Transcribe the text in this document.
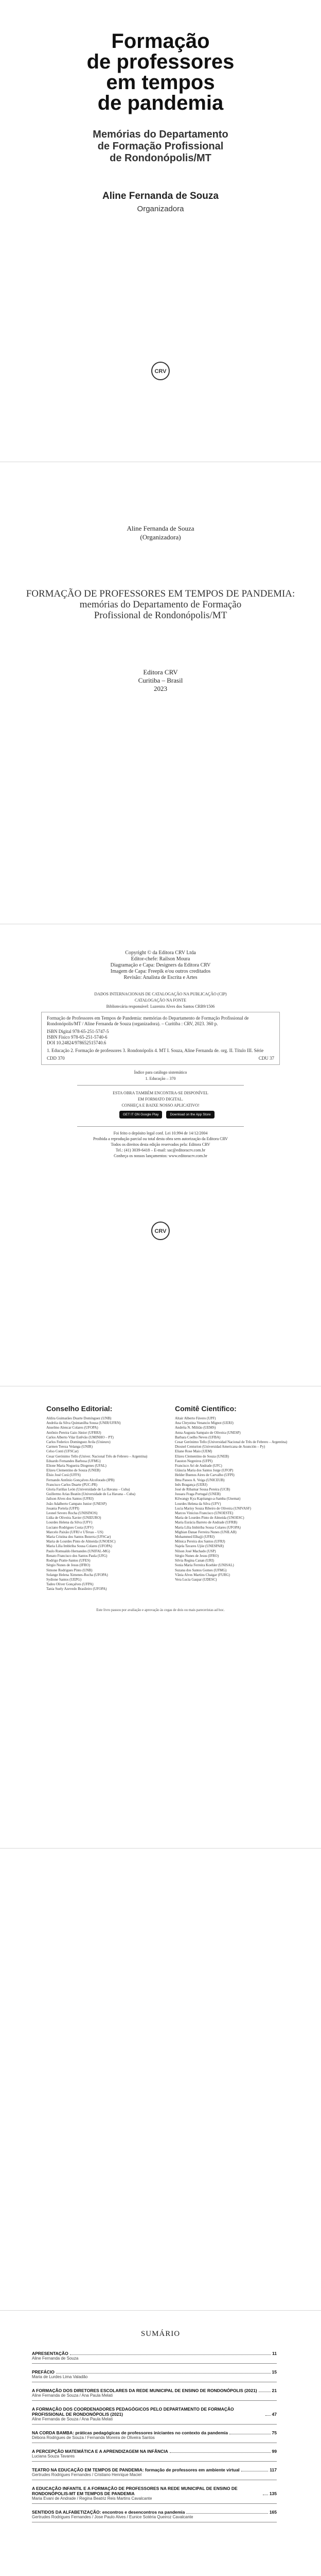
Formação
de professores
em tempos
de pandemia
Memórias do Departamento
de Formação Profissional
de Rondonópolis/MT
Aline Fernanda de Souza
Organizadora
CRV
Aline Fernanda de Souza
(Organizadora)
FORMAÇÃO DE PROFESSORES EM TEMPOS DE PANDEMIA:
memórias do Departamento de Formação Profissional de Rondonópolis/MT
Editora CRV
Curitiba – Brasil
2023
Copyright © da Editora CRV Ltda
Editor-chefe: Railson Moura
Diagramação e Capa: Designers da Editora CRV
Imagem de Capa: Freepik e/ou outros creditados
Revisão: Analista de Escrita e Artes
DADOS INTERNACIONAIS DE CATALOGAÇÃO NA PUBLICAÇÃO (CIP)
CATALOGAÇÃO NA FONTE
Bibliotecária responsável: Luzenira Alves dos Santos CRB9/1506
Formação de Professores em Tempos de Pandemia: memórias do Departamento de Formação Profissional de Rondonópolis/MT / Aline Fernanda de Souza (organizadora). – Curitiba : CRV, 2023. 360 p.
ISBN Digital 978-65-251-5747-5
ISBN Físico 978-65-251-5740-6
DOI 10.24824/978652515740.6
1. Educação 2. Formação de professores 3. Rondonópolis 4. MT I. Souza, Aline Fernanda de. org. II. Título III. Série
CDD 370	CDU 37
Índice para catálogo sistemático
1. Educação – 370
ESTA OBRA TAMBÉM ENCONTRA-SE DISPONÍVEL
EM FORMATO DIGITAL.
CONHEÇA E BAIXE NOSSO APLICATIVO!
GET IT ON Google Play	Download on the App Store
Foi feito o depósito legal conf. Lei 10.994 de 14/12/2004
Proibida a reprodução parcial ou total desta obra sem autorização da Editora CRV
Todos os direitos desta edição reservados pela: Editora CRV
Tel.: (41) 3039-6418 – E-mail: sac@editoracrv.com.br
Conheça os nossos lançamentos: www.editoracrv.com.br
CRV
Conselho Editorial:
Aldira Guimarães Duarte Domínguez (UNB)
Andréia da Silva Quintanilha Sousa (UNIR/UFRN)
Anselmo Alencar Colares (UFOPA)
Antônio Pereira Gaio Júnior (UFRRJ)
Carlos Alberto Vilar Estêvão (UMINHO – PT)
Carlos Federico Dominguez Avila (Unieuro)
Carmen Tereza Velanga (UNIR)
Celso Conti (UFSCar)
Cesar Gerónimo Tello (Univer. Nacional Três de Febrero – Argentina)
Eduardo Fernandes Barbosa (UFMG)
Elione Maria Nogueira Diogenes (UFAL)
Elizeu Clementino de Souza (UNEB)
Élsio José Corá (UFFS)
Fernando Antônio Gonçalves Alcoforado (IPB)
Francisco Carlos Duarte (PUC-PR)
Gloria Fariñas León (Universidade de La Havana – Cuba)
Guillermo Arias Beatón (Universidade de La Havana – Cuba)
Jailson Alves dos Santos (UFRJ)
João Adalberto Campato Junior (UNESP)
Josania Portela (UFPI)
Leonel Severo Rocha (UNISINOS)
Lídia de Oliveira Xavier (UNIEURO)
Lourdes Helena da Silva (UFV)
Luciano Rodrigues Costa (UFV)
Marcelo Paixão (UFRJ e UTexas – US)
Maria Cristina dos Santos Bezerra (UFSCar)
Maria de Lourdes Pinto de Almeida (UNOESC)
Maria Lília Imbiriba Sousa Colares (UFOPA)
Paulo Romualdo Hernandes (UNIFAL-MG)
Renato Francisco dos Santos Paula (UFG)
Rodrigo Pratte-Santos (UFES)
Sérgio Nunes de Jesus (IFRO)
Simone Rodrigues Pinto (UNB)
Solange Helena Ximenes-Rocha (UFOPA)
Sydione Santos (UEPG)
Tadeu Oliver Gonçalves (UFPA)
Tania Suely Azevedo Brasileiro (UFOPA)
Comitê Científico:
Altair Alberto Fávero (UPF)
Ana Chrystina Venancio Mignot (UERJ)
Andréia N. Militão (UEMS)
Anna Augusta Sampaio de Oliveira (UNESP)
Barbara Coelho Neves (UFBA)
Cesar Gerónimo Tello (Universidad Nacional de Três de Febrero – Argentina)
Diosnel Centurion (Universidad Americana de Asunción – Py)
Eliane Rose Maio (UEM)
Elizeu Clementino de Souza (UNEB)
Fauston Negreiros (UFPI)
Francisco Ari de Andrade (UFC)
Gláucia Maria dos Santos Jorge (UFOP)
Helder Buenos Aires de Carvalho (UFPI)
Ilma Passos A. Veiga (UNICEUB)
Inês Bragança (UERJ)
José de Ribamar Sousa Pereira (UCB)
Jussara Fraga Portugal (UNEB)
Kilwangy Kya Kapitango-a-Samba (Unemat)
Lourdes Helena da Silva (UFV)
Lucia Marisy Souza Ribeiro de Oliveira (UNIVASF)
Marcos Vinicius Francisco (UNOESTE)
Maria de Lourdes Pinto de Almeida (UNOESC)
Maria Eurácia Barreto de Andrade (UFRB)
Maria Lília Imbiriba Sousa Colares (UFOPA)
Míghian Danae Ferreira Nunes (UNILAB)
Mohammed Elhajji (UFRJ)
Mônica Pereira dos Santos (UFRJ)
Najela Tavares Ujiie (UNESPAR)
Nilson José Machado (USP)
Sérgio Nunes de Jesus (IFRO)
Silvia Regina Canan (URI)
Sonia Maria Ferreira Koehler (UNISAL)
Suzana dos Santos Gomes (UFMG)
Vânia Alves Martins Chaigar (FURG)
Vera Lucia Gaspar (UDESC)
Este livro passou por avaliação e aprovação às cegas de dois ou mais pareceristas ad hoc.
SUMÁRIO
APRESENTAÇÃO	11
Aline Fernanda de Souza
PREFÁCIO	15
Maria de Lurdes Lima Valadão
A FORMAÇÃO DOS DIRETORES ESCOLARES DA REDE MUNICIPAL DE ENSINO DE RONDONÓPOLIS (2021)	21
Aline Fernanda de Souza / Ana Paula Melati
A FORMAÇÃO DOS COORDENADORES PEDAGÓGICOS PELO DEPARTAMENTO DE FORMAÇÃO PROFISSIONAL DE RONDONÓPOLIS (2021)	47
Aline Fernanda de Souza / Ana Paula Melati
NA CORDA BAMBA: práticas pedagógicas de professores iniciantes no contexto da pandemia	75
Débora Rodrigues de Souza / Fernanda Moreira de Oliveira Santos
A PERCEPÇÃO MATEMÁTICA E A APRENDIZAGEM NA INFÂNCIA	99
Luciana Souza Tavares
TEATRO NA EDUCAÇÃO EM TEMPOS DE PANDEMIA: formação de professores em ambiente virtual	117
Gertrudes Rodrigues Fernandes / Cristiano Henrique Maciel
A EDUCAÇÃO INFANTIL E A FORMAÇÃO DE PROFESSORES NA REDE MUNICIPAL DE ENSINO DE RONDONÓPOLIS-MT EM TEMPOS DE PANDEMIA	135
Maria Evani de Andrade / Regina Beatriz Reis Martins Cavalcante
SENTIDOS DA ALFABETIZAÇÃO: encontros e desencontros na pandemia	165
Gertrudes Rodrigues Fernandes / Jose Paulo Alves / Eunice Sotéria Queiroz Cavalcante
